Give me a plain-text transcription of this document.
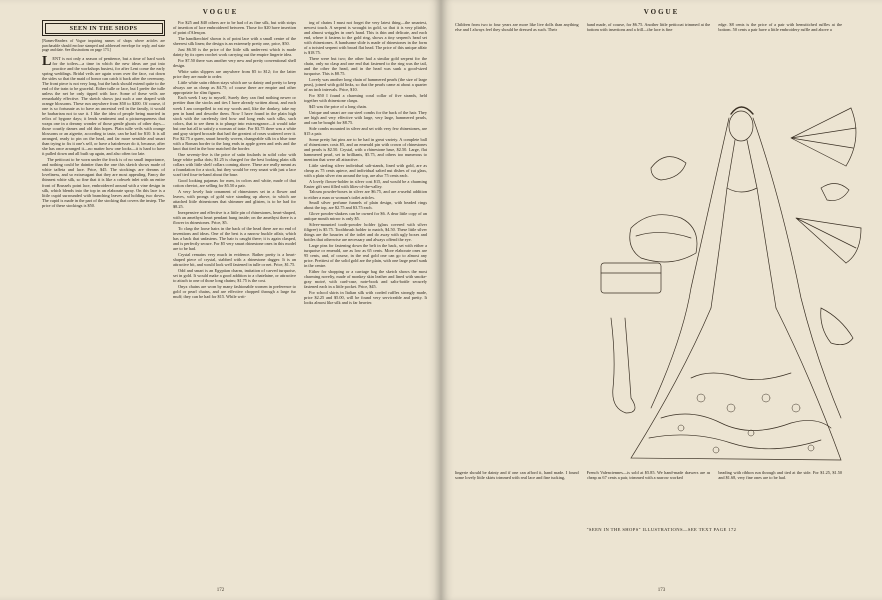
VOGUE
SEEN IN THE SHOPS
[Names-Readers of Vogue inquiring names of shops where articles are purchasable should enclose stamped and addressed envelope for reply, and state page and date. See illustrations on page 173.]

LENT is not only a season of penitence, but a time of hard work for the toilers—a time in which the new ideas are put into practice and the workshops busiest, for after Lent come the early spring weddings. Bridal veils are again worn over the face, cut down the sides so that the maid of honor can catch it back after the ceremony. The front piece is not very long, but the back should extend quite to the end of the train to be graceful. Either tulle or lace, but I prefer the tulle unless the net be only tipped with lace. Some of these veils are remarkably effective. The sketch shows just such a one draped with orange blossoms. These run anywhere from $50 to $200. Of course, if one is so fortunate as to have an ancestral veil in the family, it would be barbarism not to use it. I like the idea of people being married in relics of bygone days; it lends sentiment and a picturesqueness that wraps one in a dreamy wonder of those gentle ghosts of other days—those courtly dames and old thin hopes. Plain tulle veils with orange blossoms or an aigrette, according to taste, can be had for $10. It is all arranged, ready to pin on the head, and far more sensible and smart than trying to fix it one's self, or have a hairdresser do it, because, after she has once arranged it—no matter how one looks—it is hard to have it pulled down and all built up again, and also often too late.

The petticoat to be worn under the frock is of no small importance, and nothing could be daintier than the one this sketch shows made of white taffeta and lace. Price, $45. The stockings are dreams of loveliness, and so extravagant that they are most appealing. Fancy the thinnest white silk, so fine that it is like a cobweb inlet with an entire front of Brussels point lace, embroidered around with a vine design in silk, which blends into the top in an elaborate spray. On this lace is a little cupid surrounded with branching leaves and holding two doves. The cupid is made in the part of the stocking that covers the instep. The price of these stockings is $50.

For $25 and $40 others are to be had of as fine silk, but with strips of insertion of lace embroidered between. Those for $20 have insertion of point d'Alençon.

The handkerchief shown is of point lace with a small centre of the sheerest silk linen; the design is an extremely pretty one, price, $50.

Just $6.50 is the price of the little silk undervest which is made dainty by its open crochet work carrying out the empire lingerie idea.

For $7.50 there was another very new and pretty conventional shell design.

White satin slippers are anywhere from $5 to $12; for the latter price they are made to order.

Little white satin ribbon stays which are so dainty and pretty to keep always are as cheap as $4.75; of course there are empire and other appropriate for slim figures.

Each week I say to myself, Surely they can find nothing newer or prettier than the stocks and ties I have already written about, and each week I am compelled to eat my words and, like the donkey, take my pen in hand and describe them. Now I have found in the plain high stock with the carelessly tied bow and long ends such silks, such colors, that to see them is to plunge into extravagance—it would take but one hat all to satisfy a woman of taste. For $3.75 there was a white and gray striped brocade that had the greatest of roses scattered over it. For $2.75 a queer, smart heavily woven, changeable silk in a blue tone with a Roman border to the long ends in apple green and reds and the knot that tied in the bow matched the border.

One seventy-five is the price of satin foulards in solid color with large white polka dots; $1.25 is charged for the best looking plain silk collars with little shelf collars coming above. These are really meant as a foundation for a stock, but they would be very smart with just a lace scarf tied four-in-hand about the base.

Good looking pajamas for men, in colors and white, made of that cotton cheviot, are selling for $5.50 a pair.

A very lovely hair ornament of rhinestones set in a flower and leaves, with prongs of gold wire standing up above, to which are attached little rhinestones that shimmer and glisten, is to be had for $8.25.

Inexpensive and effective is a little pin of rhinestones, heart-shaped, with an amethyst heart pendant hung inside; on the amethyst there is a flower in rhinestones. Price, $5.

To clasp the loose hairs in the back of the head there are no end of inventions and ideas. One of the best is a narrow buckle affair, which has a back that unfastens. The hair is caught there; it is again clasped, and is perfectly secure. For $5 very smart rhinestone ones in this model are to be had.

Crystal remains very much in evidence. Rather pretty is a heart-shaped piece of crystal, stabbed with a rhinestone dagger. It is an attractive bit, and would look well fastened in tulle or net. Price, $1.75.

Odd and smart is an Egyptian charm, imitation of carved turquoise, set in gold. It would make a good addition to a chatelaine, or attractive to attach to one of those long chains; $1.75 is the cost.

Onyx chains are worn by many fashionable women in preference to gold or pearl chains, and are effective chopped through a large fur muff; they can be had for $15. While writ-

ing of chains I must not forget the very latest thing—the smartest, newest touch. A serpent is wrought in gold, so that it is very pliable, and almost wriggles in one's hand. This is thin and delicate, and each end, where it fastens to the gold ring, shows a tiny serpent's head set with rhinestones. A handsome slide is made of rhinestones in the form of a twisted serpent with broad flat head. The price of this unique affair is $18.75.

There were but two; the other had a similar gold serpent for the chain, only no clasp and one end that fastened to the ring was the tail, and the other the head, and in the head was sunk a good-sized turquoise. This is $8.75.

Lovely was another long chain of hammered pearls (the size of large peas), joined with gold links, so that the pearls came at about a quarter of an inch intervals. Price, $10.

For $50 I found a charming coral collar of five strands, held together with rhinestone clasps.

$45 was the price of a long chain.

Unique and smart are our steel combs for the back of the hair. They are high and very effective with large, very large, hammered pearls, and can be bought for $8.75.

Side combs mounted in silver and set with very few rhinestones, are $15 a pair.

Some pretty hat pins are to be had in great variety. A complete ball of rhinestones costs $5, and an emerald pin with crown of rhinestones and pearls is $2.50. Crystal, with a rhinestone base, $2.50. Large, flat hammered pearl, set in brilliants, $5.75, and others too numerous to mention that were all attractive.

Little sterling silver individual salt-stands, lined with gold, are as cheap as 75 cents apiece, and individual salted nut dishes of cut glass, with a plain silver rim around the top, are also 75 cents each.

A lovely flower-holder in silver cost $15, and would be a charming Easter gift sent filled with lilies-of-the-valley.

Talcum powder-boxes in silver are $6.75, and are a-useful addition to either a man or woman's toilet articles.

Small silver perfume funnels of plain design, with beaded rings about the top, are $2.75 and $3.75 each.

Glove powder-shakers can be owned for $6. A dear little copy of an antique mouth mirror is only $5.

Silver-mounted tooth-powder holder (glass covered with silver filigree) is $5.75. Toothbrush holder to match, $4.50. These little silver things are the luxuries of the toilet and do away with ugly boxes and bottles that otherwise are necessary and always offend the eye.

Large pins for fastening down the belt in the back, set with either a turquoise or emerald, are as low as 65 cents. More elaborate ones are 95 cents, and, of course, in the real gold one can go to almost any price. Prettiest of the solid gold are the plain, with one large pearl sunk in the centre.

Either for shopping or a carriage bag the sketch shows the most charming novelty, made of monkey skin leather and lined with smoke-gray moiré, with card-case, note-book and salts-bottle securely fastened each in a little pocket. Price, $45.

For school skirts in Italian silk with corded ruffles strongly made, price $2.25 and $5.00, will be found very serviceable and pretty. It looks almost like silk and is far heavier.

172
VOGUE
Children from two to four years are more like live dolls than anything else and I always feel they should be dressed as such. Their
hand made, of course, for $6.75. Another little petticoat trimmed at the bottom with insertions and a frill—the lace is fine
edge. $8 cents is the price of a pair with hemstitched ruffles at the bottom. 50 cents a pair have a little embroidery ruffle and above a
lingerie should be dainty and if one can afford it, hand made. I found some lovely little skirts trimmed with real lace and fine tucking,
French Valenciennes—is sold at $5.85. We hand-made drawers are as cheap as 67 cents a pair, trimmed with a narrow worked
beading with ribbon run through and tied at the side. For $1.25, $1.50 and $1.68, very fine ones are to be had.
"SEEN IN THE SHOPS" ILLUSTRATIONS—SEE TEXT PAGE 172
173
